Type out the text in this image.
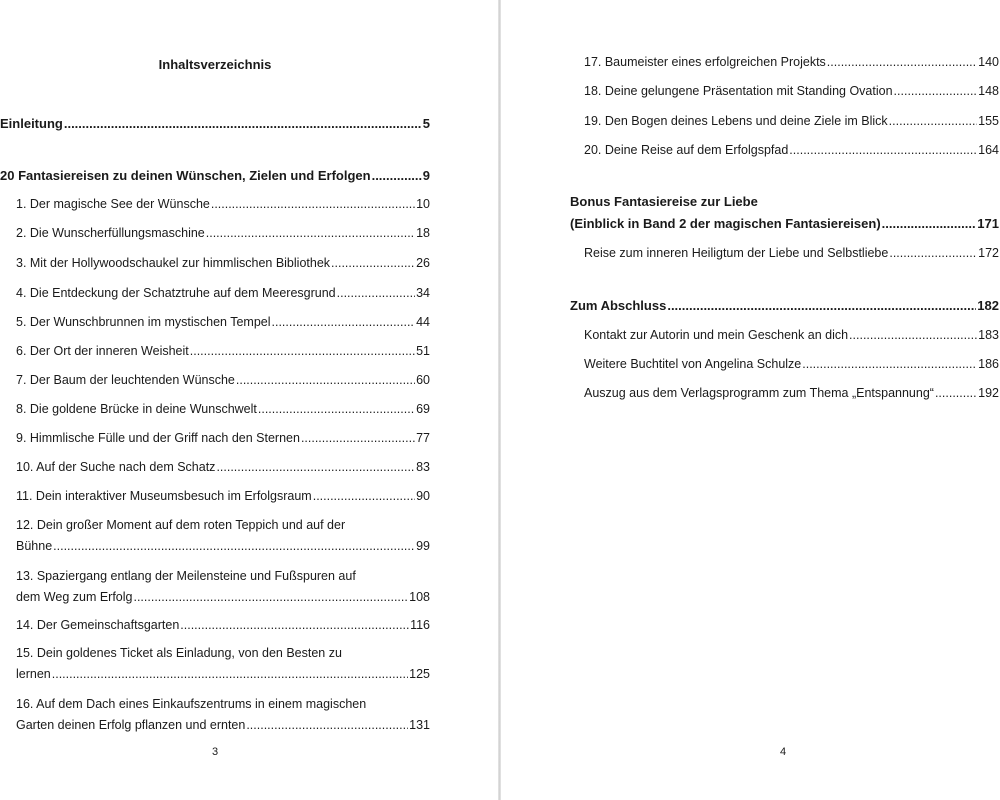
Inhaltsverzeichnis
Einleitung .....	5
20 Fantasiereisen zu deinen Wünschen, Zielen und Erfolgen .....	9
1. Der magische See der Wünsche .....	10
2. Die Wunscherfüllungsmaschine .....	18
3. Mit der Hollywoodschaukel zur himmlischen Bibliothek .....	26
4. Die Entdeckung der Schatztruhe auf dem Meeresgrund .....	34
5. Der Wunschbrunnen im mystischen Tempel .....	44
6. Der Ort der inneren Weisheit .....	51
7. Der Baum der leuchtenden Wünsche .....	60
8. Die goldene Brücke in deine Wunschwelt .....	69
9. Himmlische Fülle und der Griff nach den Sternen .....	77
10. Auf der Suche nach dem Schatz .....	83
11. Dein interaktiver Museumsbesuch im Erfolgsraum .....	90
12. Dein großer Moment auf dem roten Teppich und auf der
Bühne .....	99
13. Spaziergang entlang der Meilensteine und Fußspuren auf
dem Weg zum Erfolg .....	108
14. Der Gemeinschaftsgarten .....	116
15. Dein goldenes Ticket als Einladung, von den Besten zu
lernen .....	125
16. Auf dem Dach eines Einkaufszentrums in einem magischen
Garten deinen Erfolg pflanzen und ernten .....	131
3
17. Baumeister eines erfolgreichen Projekts .....	140
18. Deine gelungene Präsentation mit Standing Ovation .....	148
19. Den Bogen deines Lebens und deine Ziele im Blick .....	155
20. Deine Reise auf dem Erfolgspfad .....	164
Bonus Fantasiereise zur Liebe
(Einblick in Band 2 der magischen Fantasiereisen) .....	171
Reise zum inneren Heiligtum der Liebe und Selbstliebe .....	172
Zum Abschluss .....	182
Kontakt zur Autorin und mein Geschenk an dich .....	183
Weitere Buchtitel von Angelina Schulze .....	186
Auszug aus dem Verlagsprogramm zum Thema „Entspannung“ .....	192
4
